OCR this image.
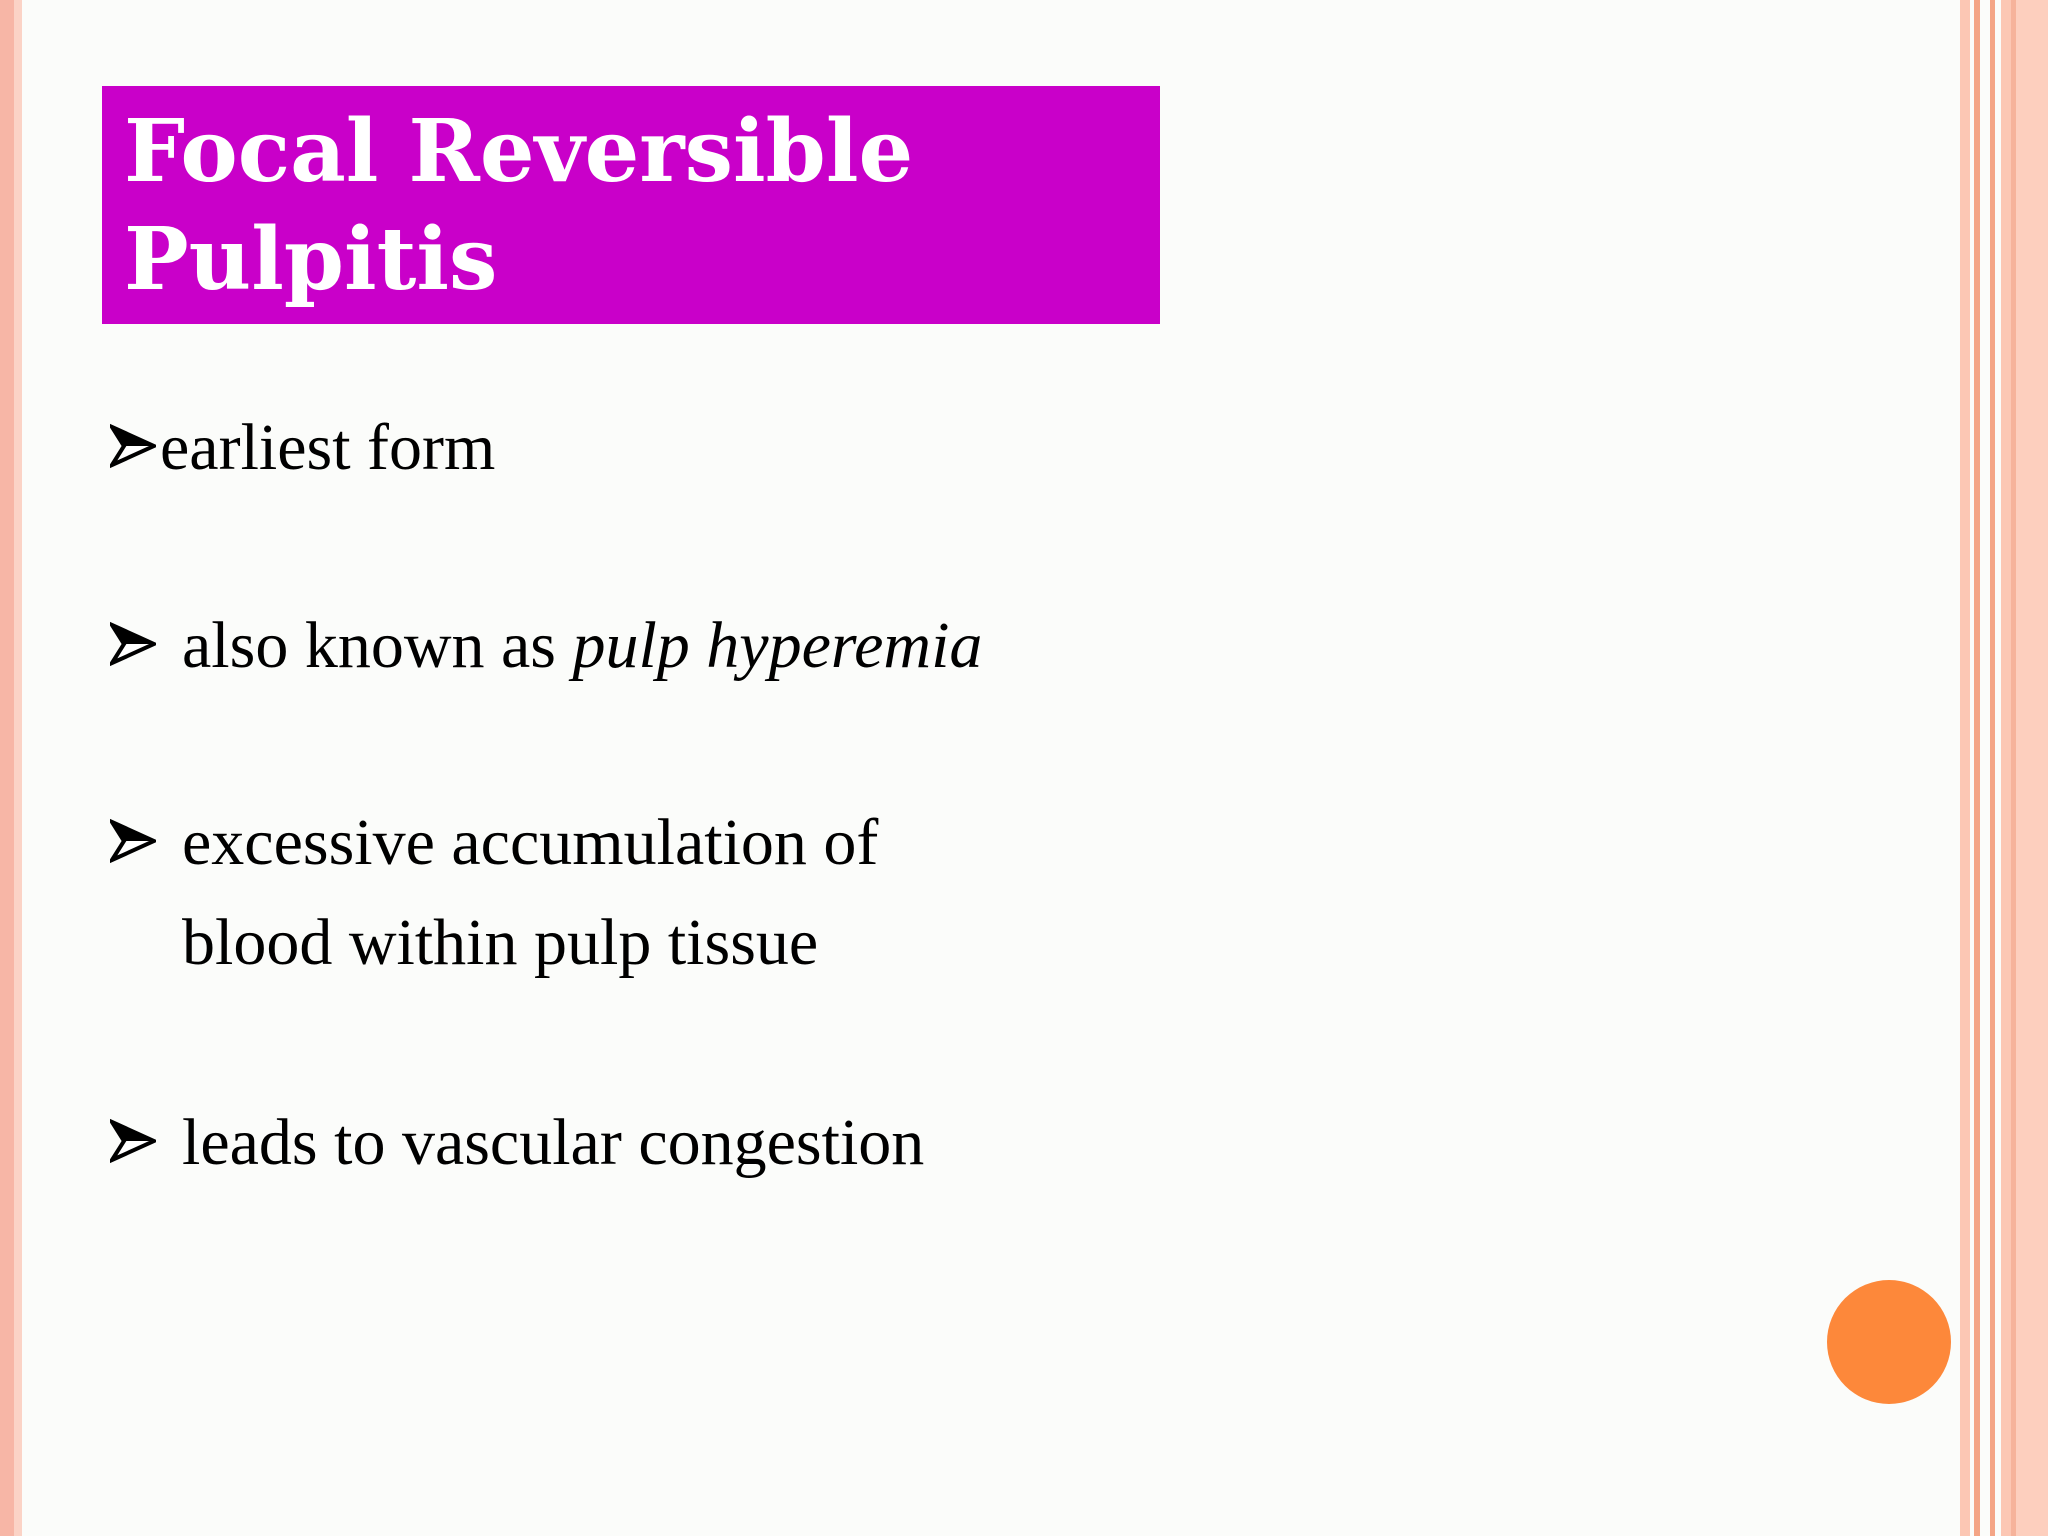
Focal Reversible Pulpitis
earliest form
also known as pulp hyperemia
excessive accumulation of
blood within pulp tissue
leads to vascular congestion
